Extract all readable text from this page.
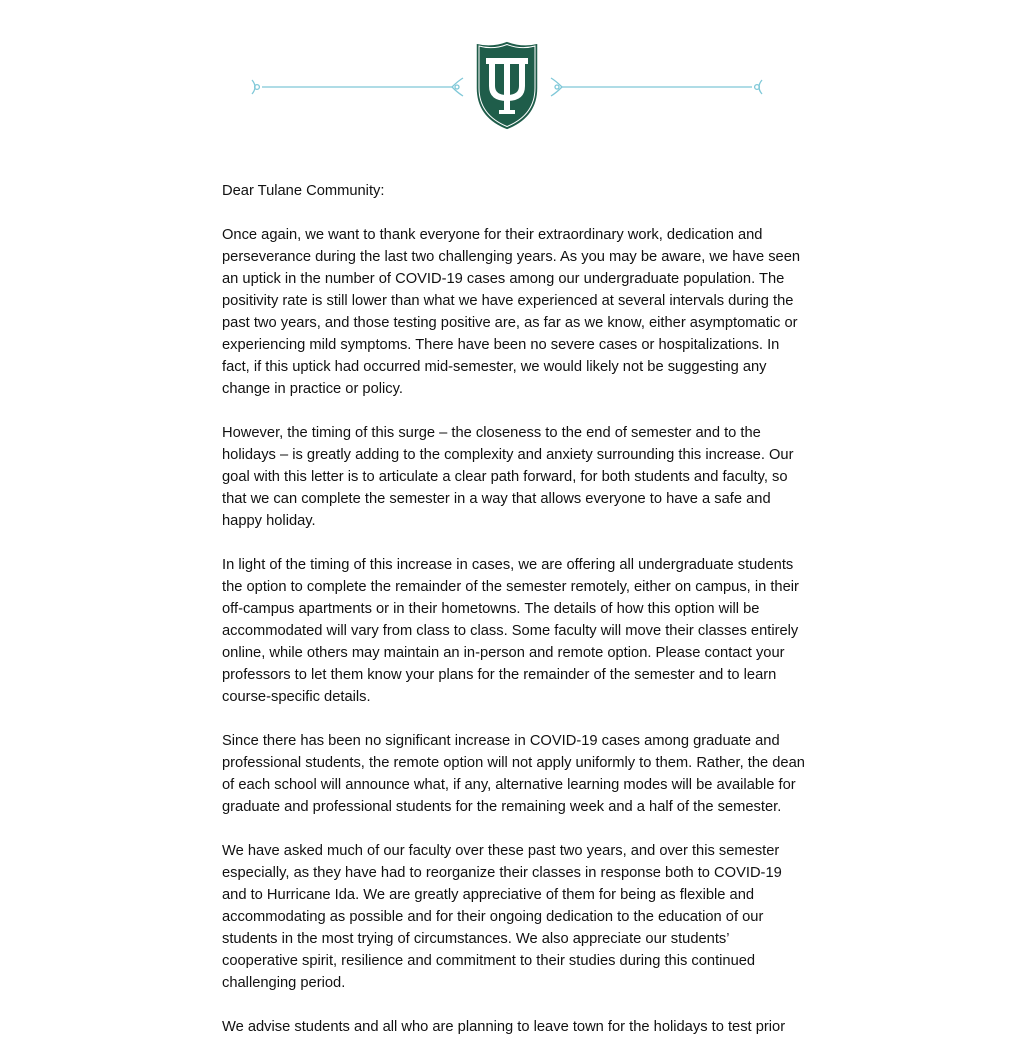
Dear Tulane Community:

Once again, we want to thank everyone for their extraordinary work, dedication and perseverance during the last two challenging years. As you may be aware, we have seen an uptick in the number of COVID-19 cases among our undergraduate population. The positivity rate is still lower than what we have experienced at several intervals during the past two years, and those testing positive are, as far as we know, either asymptomatic or experiencing mild symptoms. There have been no severe cases or hospitalizations. In fact, if this uptick had occurred mid-semester, we would likely not be suggesting any change in practice or policy.

However, the timing of this surge – the closeness to the end of semester and to the holidays – is greatly adding to the complexity and anxiety surrounding this increase. Our goal with this letter is to articulate a clear path forward, for both students and faculty, so that we can complete the semester in a way that allows everyone to have a safe and happy holiday.

In light of the timing of this increase in cases, we are offering all undergraduate students the option to complete the remainder of the semester remotely, either on campus, in their off-campus apartments or in their hometowns. The details of how this option will be accommodated will vary from class to class. Some faculty will move their classes entirely online, while others may maintain an in-person and remote option. Please contact your professors to let them know your plans for the remainder of the semester and to learn course-specific details.

Since there has been no significant increase in COVID-19 cases among graduate and professional students, the remote option will not apply uniformly to them. Rather, the dean of each school will announce what, if any, alternative learning modes will be available for graduate and professional students for the remaining week and a half of the semester.

We have asked much of our faculty over these past two years, and over this semester especially, as they have had to reorganize their classes in response both to COVID-19 and to Hurricane Ida. We are greatly appreciative of them for being as flexible and accommodating as possible and for their ongoing dedication to the education of our students in the most trying of circumstances. We also appreciate our students’ cooperative spirit, resilience and commitment to their studies during this continued challenging period.

We advise students and all who are planning to leave town for the holidays to test prior
